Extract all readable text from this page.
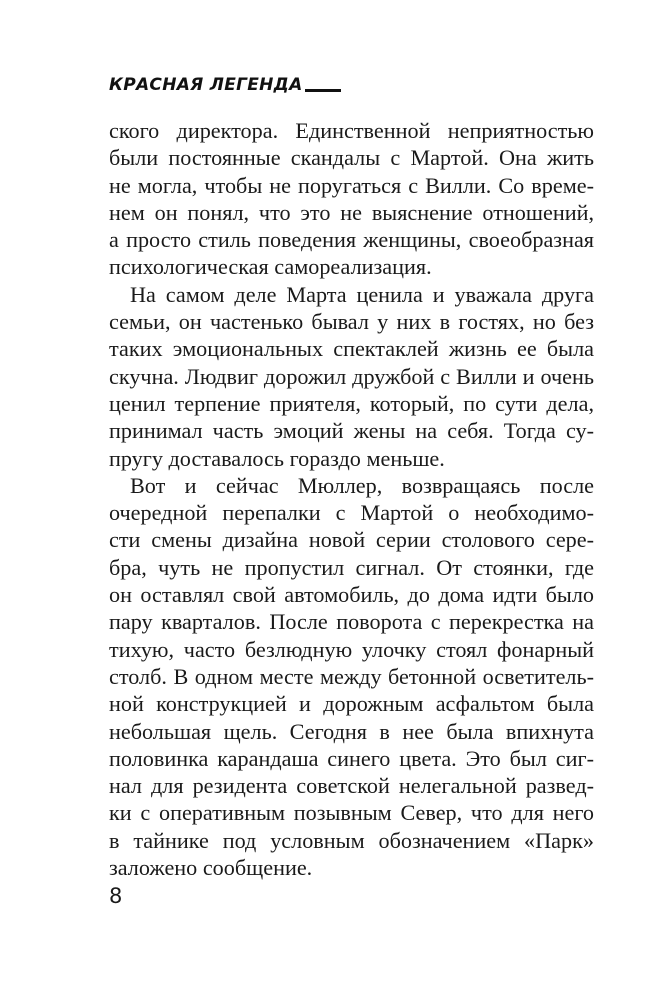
КРАСНАЯ ЛЕГЕНДА
ского директора. Единственной неприятностью
были постоянные скандалы с Мартой. Она жить
не могла, чтобы не поругаться с Вилли. Со време-
нем он понял, что это не выяснение отношений,
а просто стиль поведения женщины, своеобразная
психологическая самореализация.
На самом деле Марта ценила и уважала друга
семьи, он частенько бывал у них в гостях, но без
таких эмоциональных спектаклей жизнь ее была
скучна. Людвиг дорожил дружбой с Вилли и очень
ценил терпение приятеля, который, по сути дела,
принимал часть эмоций жены на себя. Тогда су-
пругу доставалось гораздо меньше.
Вот и сейчас Мюллер, возвращаясь после
очередной перепалки с Мартой о необходимо-
сти смены дизайна новой серии столового сере-
бра, чуть не пропустил сигнал. От стоянки, где
он оставлял свой автомобиль, до дома идти было
пару кварталов. После поворота с перекрестка на
тихую, часто безлюдную улочку стоял фонарный
столб. В одном месте между бетонной осветитель-
ной конструкцией и дорожным асфальтом была
небольшая щель. Сегодня в нее была впихнута
половинка карандаша синего цвета. Это был сиг-
нал для резидента советской нелегальной развед-
ки с оперативным позывным Север, что для него
в тайнике под условным обозначением «Парк»
заложено сообщение.
8
